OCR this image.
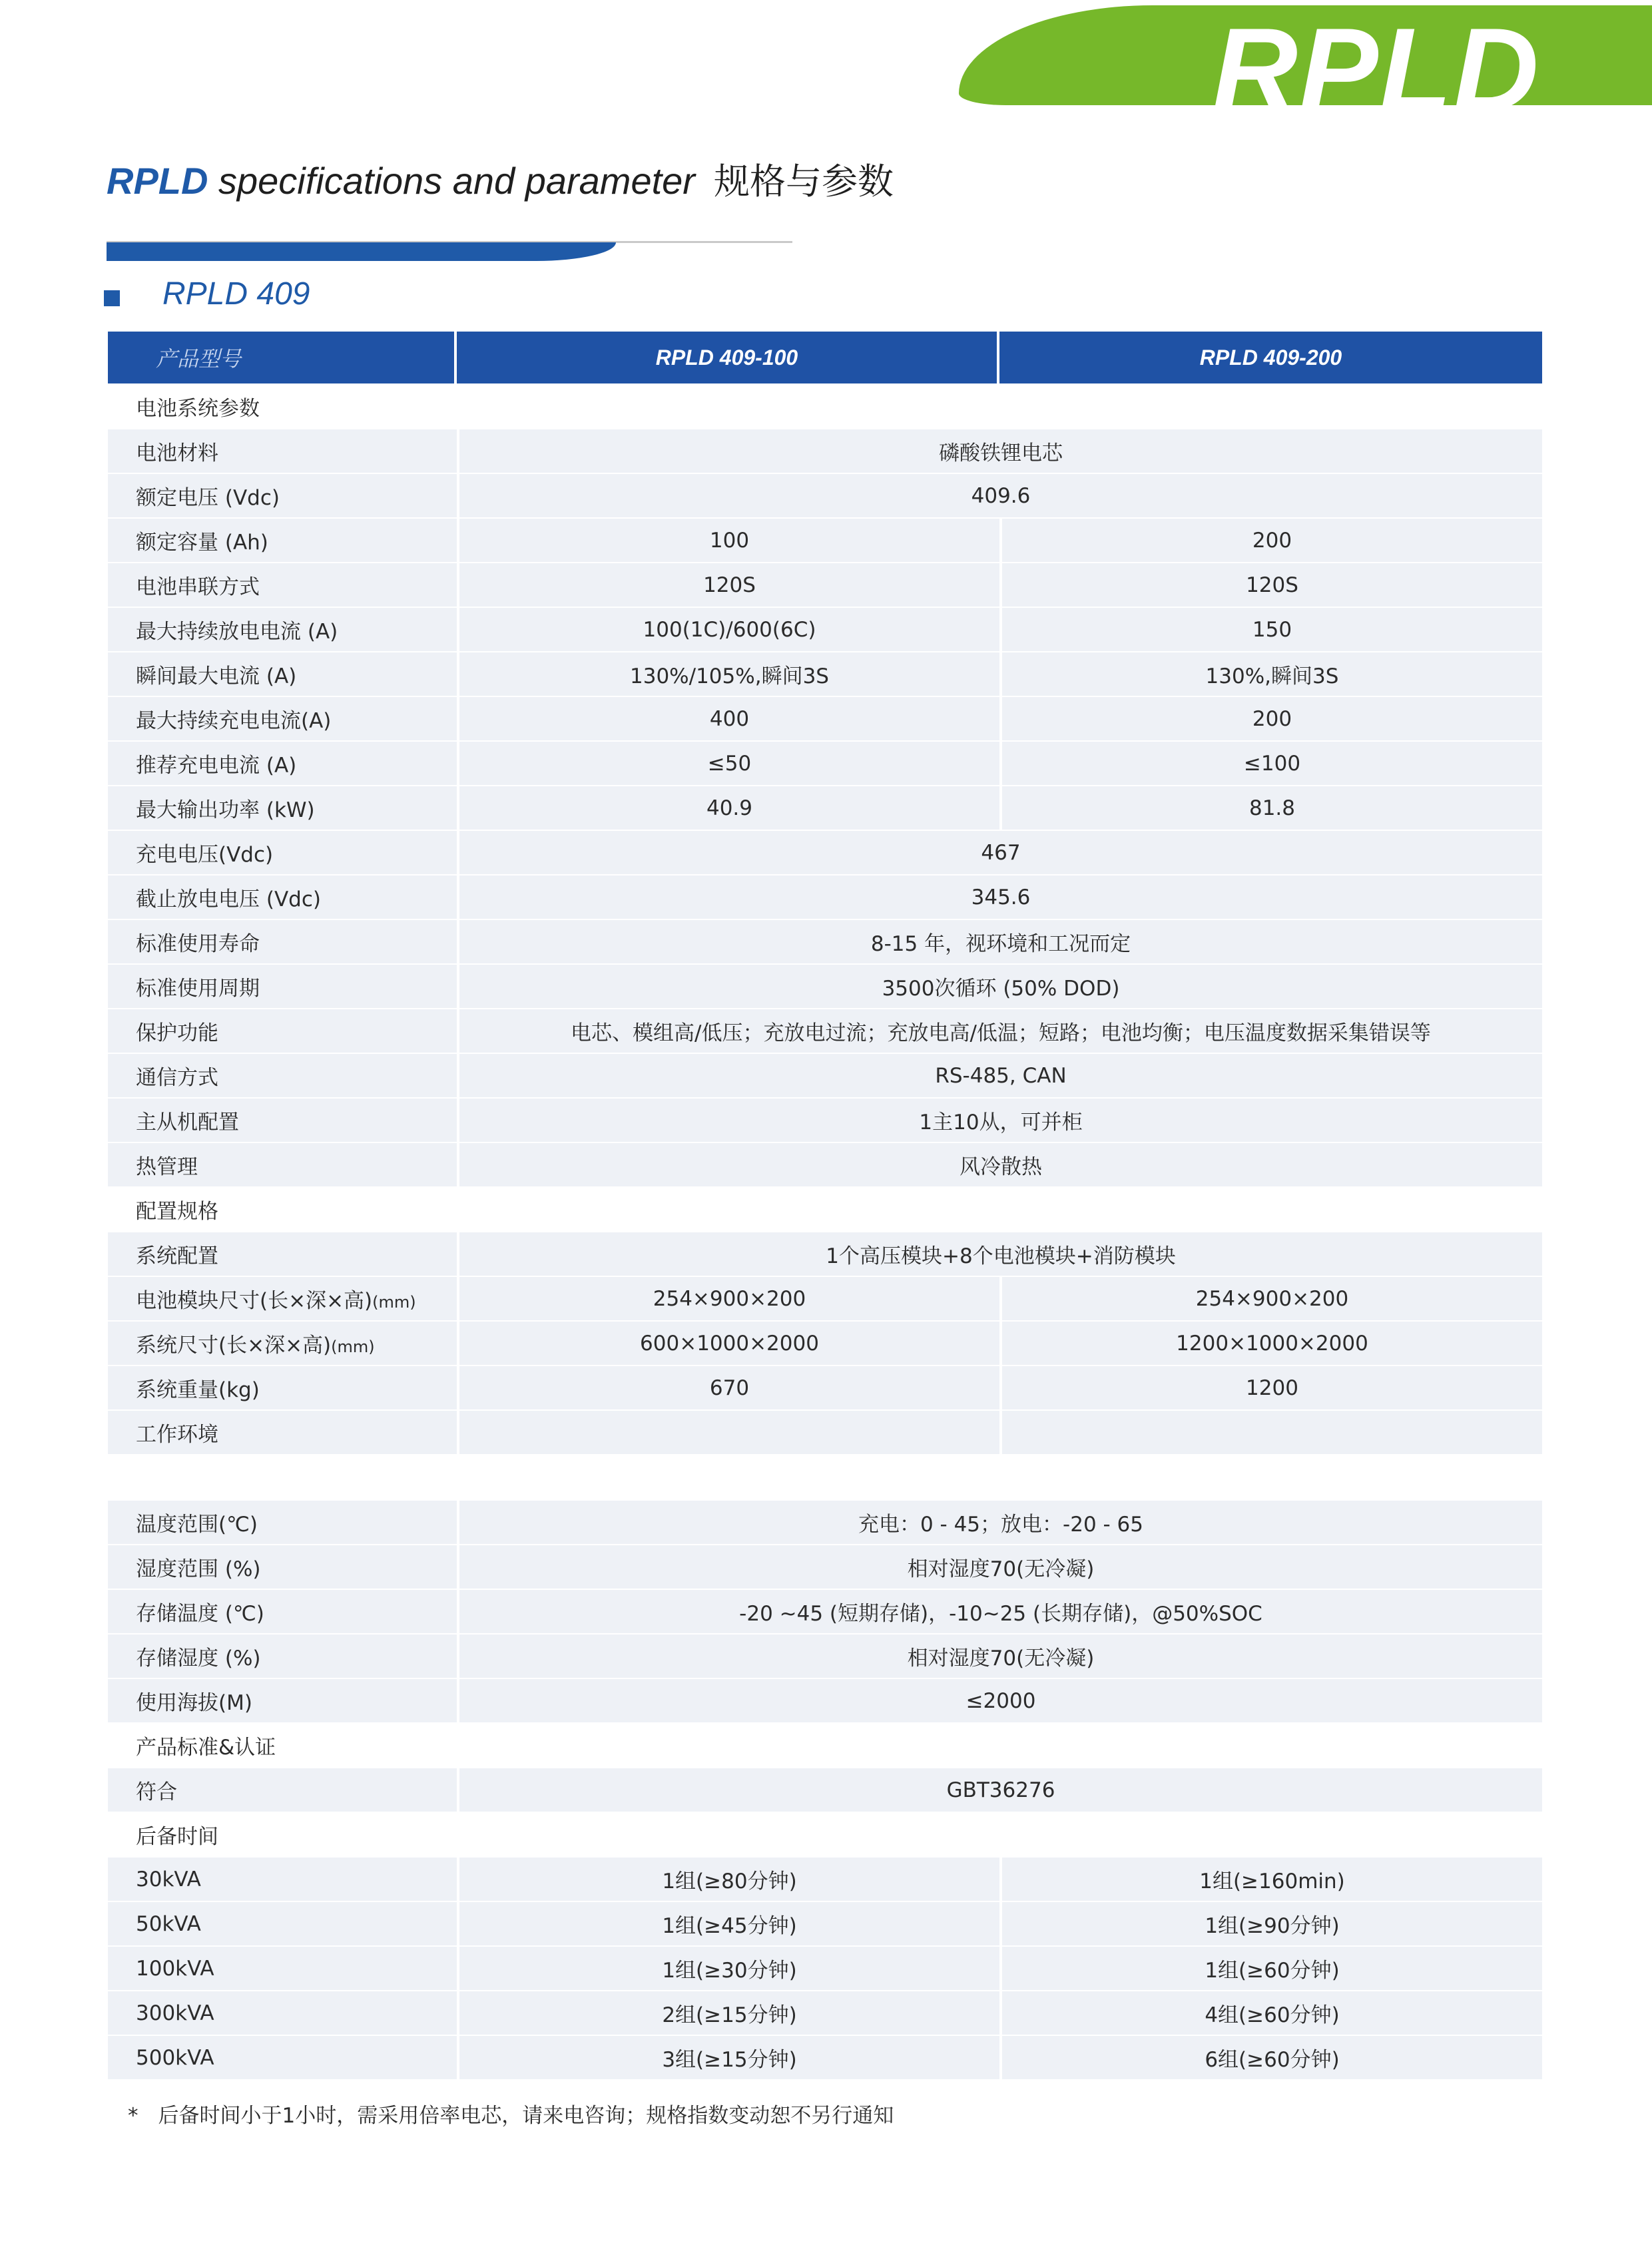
RPLD
RPLD specifications and parameter 规格与参数
RPLD 409
产品型号	RPLD 409-100	RPLD 409-200
电池系统参数		
电池材料	磷酸铁锂电芯	
额定电压 (Vdc)	409.6	
额定容量 (Ah)	100	200
电池串联方式	120S	120S
最大持续放电电流 (A)	100(1C)/600(6C)	150
瞬间最大电流 (A)	130%/105%,瞬间3S	130%,瞬间3S
最大持续充电电流(A)	400	200
推荐充电电流 (A)	≤50	≤100
最大输出功率 (kW)	40.9	81.8
充电电压(Vdc)	467	
截止放电电压 (Vdc)	345.6	
标准使用寿命	8-15 年，视环境和工况而定	
标准使用周期	3500次循环 (50% DOD)	
保护功能	电芯、模组高/低压；充放电过流；充放电高/低温；短路；电池均衡；电压温度数据采集错误等	
通信方式	RS-485, CAN	
主从机配置	1主10从，可并柜	
热管理	风冷散热	
配置规格		
系统配置	1个高压模块+8个电池模块+消防模块	
电池模块尺寸(长×深×高)(mm)	254×900×200	254×900×200
系统尺寸(长×深×高)(mm)	600×1000×2000	1200×1000×2000
系统重量(kg)	670	1200
工作环境		

温度范围(℃)	充电：0 - 45；放电：-20 - 65	
湿度范围 (%)	相对湿度70(无冷凝)	
存储温度 (℃)	-20 ~45 (短期存储)，-10~25 (长期存储)，@50%SOC	
存储湿度 (%)	相对湿度70(无冷凝)	
使用海拔(M)	≤2000	
产品标准&认证		
符合	GBT36276	
后备时间		
30kVA	1组(≥80分钟)	1组(≥160min)
50kVA	1组(≥45分钟)	1组(≥90分钟)
100kVA	1组(≥30分钟)	1组(≥60分钟)
300kVA	2组(≥15分钟)	4组(≥60分钟)
500kVA	3组(≥15分钟)	6组(≥60分钟)
* 后备时间小于1小时，需采用倍率电芯，请来电咨询；规格指数变动恕不另行通知
